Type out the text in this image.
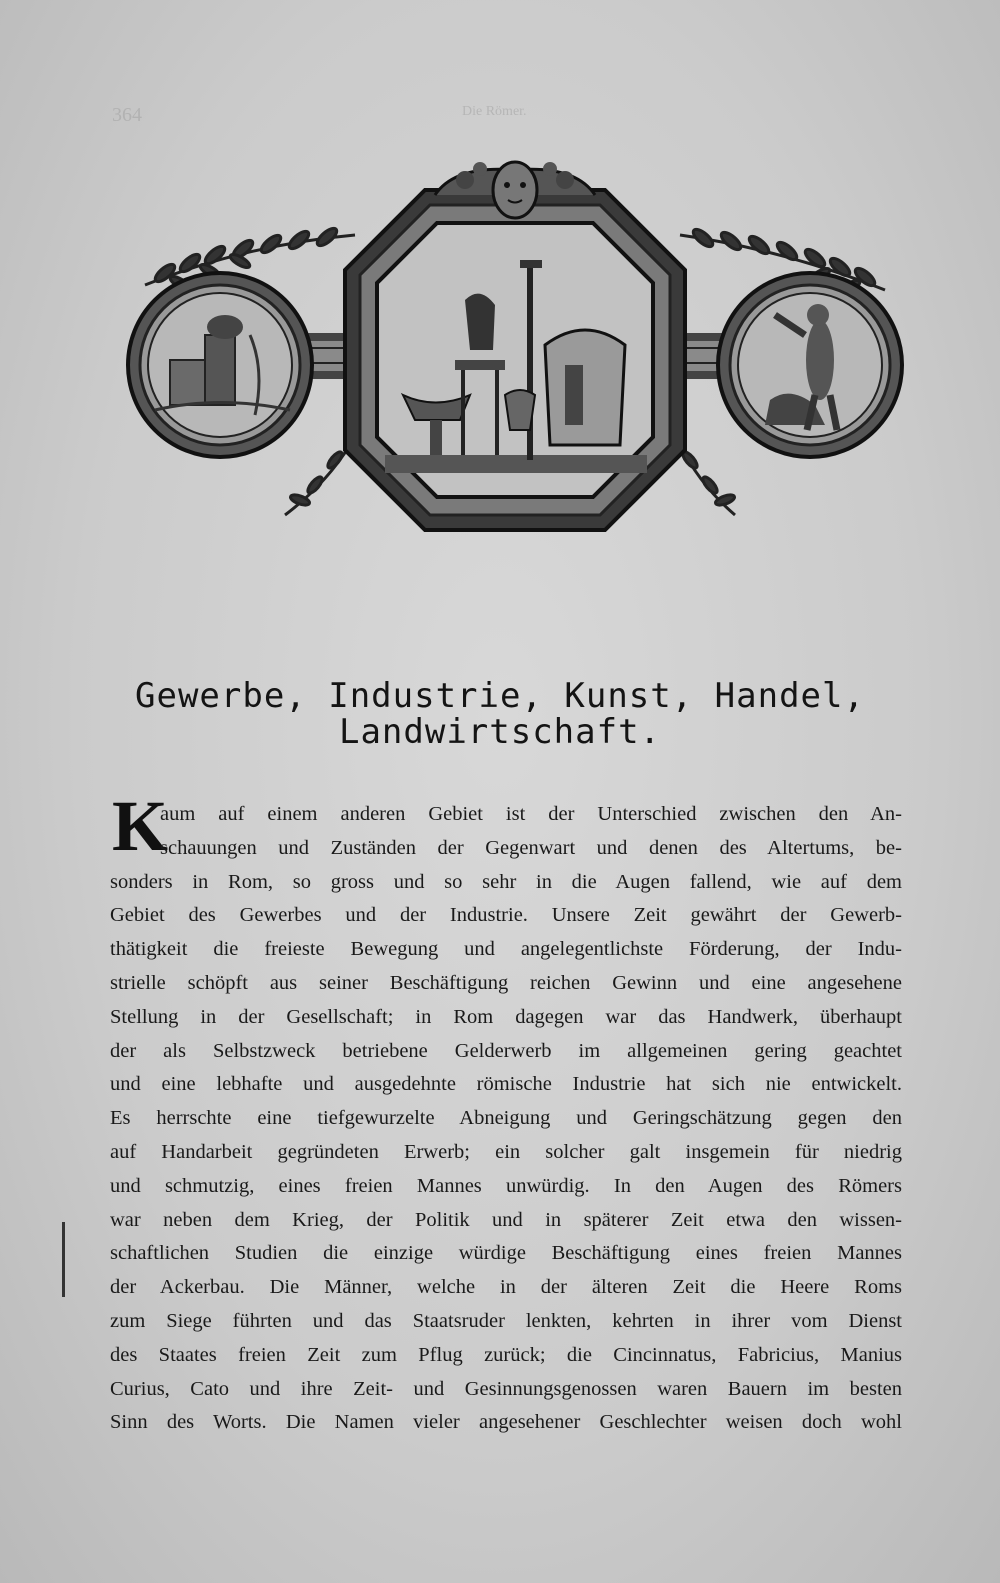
364	Die Römer.
Gewerbe, Industrie, Kunst, Handel,
Landwirtschaft.
K
aum auf einem anderen Gebiet ist der Unterschied zwischen den An-
schauungen und Zuständen der Gegenwart und denen des Altertums, be-
sonders in Rom, so gross und so sehr in die Augen fallend, wie auf dem
Gebiet des Gewerbes und der Industrie. Unsere Zeit gewährt der Gewerb-
thätigkeit die freieste Bewegung und angelegentlichste Förderung, der Indu-
strielle schöpft aus seiner Beschäftigung reichen Gewinn und eine angesehene
Stellung in der Gesellschaft; in Rom dagegen war das Handwerk, überhaupt
der als Selbstzweck betriebene Gelderwerb im allgemeinen gering geachtet
und eine lebhafte und ausgedehnte römische Industrie hat sich nie entwickelt.
Es herrschte eine tiefgewurzelte Abneigung und Geringschätzung gegen den
auf Handarbeit gegründeten Erwerb; ein solcher galt insgemein für niedrig
und schmutzig, eines freien Mannes unwürdig. In den Augen des Römers
war neben dem Krieg, der Politik und in späterer Zeit etwa den wissen-
schaftlichen Studien die einzige würdige Beschäftigung eines freien Mannes
der Ackerbau. Die Männer, welche in der älteren Zeit die Heere Roms
zum Siege führten und das Staatsruder lenkten, kehrten in ihrer vom Dienst
des Staates freien Zeit zum Pflug zurück; die Cincinnatus, Fabricius, Manius
Curius, Cato und ihre Zeit- und Gesinnungsgenossen waren Bauern im besten
Sinn des Worts. Die Namen vieler angesehener Geschlechter weisen doch wohl
